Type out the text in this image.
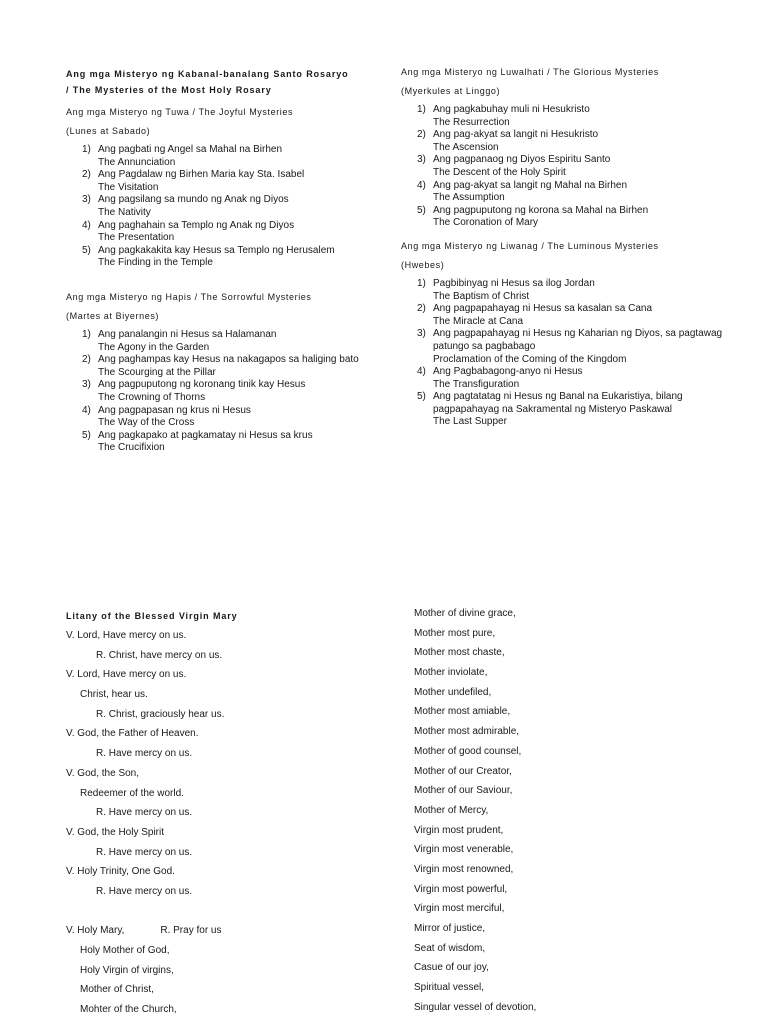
Ang mga Misteryo ng Kabanal-banalang Santo Rosaryo
/ The Mysteries of the Most Holy Rosary
Ang mga Misteryo ng Tuwa / The Joyful Mysteries
(Lunes at Sabado)
1) Ang pagbati ng Angel sa Mahal na Birhen
The Annunciation
2) Ang Pagdalaw ng Birhen Maria kay Sta. Isabel
The Visitation
3) Ang pagsilang sa mundo ng Anak ng Diyos
The Nativity
4) Ang paghahain sa Templo ng Anak ng Diyos
The Presentation
5) Ang pagkakakita kay Hesus sa Templo ng Herusalem
The Finding in the Temple
Ang mga Misteryo ng Hapis / The Sorrowful Mysteries
(Martes at Biyernes)
1) Ang panalangin ni Hesus sa Halamanan
The Agony in the Garden
2) Ang paghampas kay Hesus na nakagapos sa haliging bato
The Scourging at the Pillar
3) Ang pagpuputong ng koronang tinik kay Hesus
The Crowning of Thorns
4) Ang pagpapasan ng krus ni Hesus
The Way of the Cross
5) Ang pagkapako at pagkamatay ni Hesus sa krus
The Crucifixion
Ang mga Misteryo ng Luwalhati / The Glorious Mysteries
(Myerkules at Linggo)
1) Ang pagkabuhay muli ni Hesukristo
The Resurrection
2) Ang pag-akyat sa langit ni Hesukristo
The Ascension
3) Ang pagpanaog ng Diyos Espiritu Santo
The Descent of the Holy Spirit
4) Ang pag-akyat sa langit ng Mahal na Birhen
The Assumption
5) Ang pagpuputong ng korona sa Mahal na Birhen
The Coronation of Mary
Ang mga Misteryo ng Liwanag / The Luminous Mysteries
(Hwebes)
1) Pagbibinyag ni Hesus sa ilog Jordan
The Baptism of Christ
2) Ang pagpapahayag ni Hesus sa kasalan sa Cana
The Miracle at Cana
3) Ang pagpapahayag ni Hesus ng Kaharian ng Diyos, sa pagtawag patungo sa pagbabago
Proclamation of the Coming of the Kingdom
4) Ang Pagbabagong-anyo ni Hesus
The Transfiguration
5) Ang pagtatatag ni Hesus ng Banal na Eukaristiya, bilang pagpapahayag na Sakramental ng Misteryo Paskawal
The Last Supper
Litany of the Blessed Virgin Mary
V. Lord, Have mercy on us.
R. Christ, have mercy on us.
V. Lord, Have mercy on us.
Christ, hear us.
R. Christ, graciously hear us.
V. God, the Father of Heaven.
R. Have mercy on us.
V. God, the Son,
Redeemer of the world.
R. Have mercy on us.
V. God, the Holy Spirit
R. Have mercy on us.
V. Holy Trinity, One God.
R. Have mercy on us.
V. Holy Mary,	R. Pray for us
Holy Mother of God,
Holy Virgin of virgins,
Mother of Christ,
Mohter of the Church,
Mother of divine grace,
Mother most pure,
Mother most chaste,
Mother inviolate,
Mother undefiled,
Mother most amiable,
Mother most admirable,
Mother of good counsel,
Mother of our Creator,
Mother of our Saviour,
Mother of Mercy,
Virgin most prudent,
Virgin most venerable,
Virgin most renowned,
Virgin most powerful,
Virgin most merciful,
Mirror of justice,
Seat of wisdom,
Casue of our joy,
Spiritual vessel,
Singular vessel of devotion,
